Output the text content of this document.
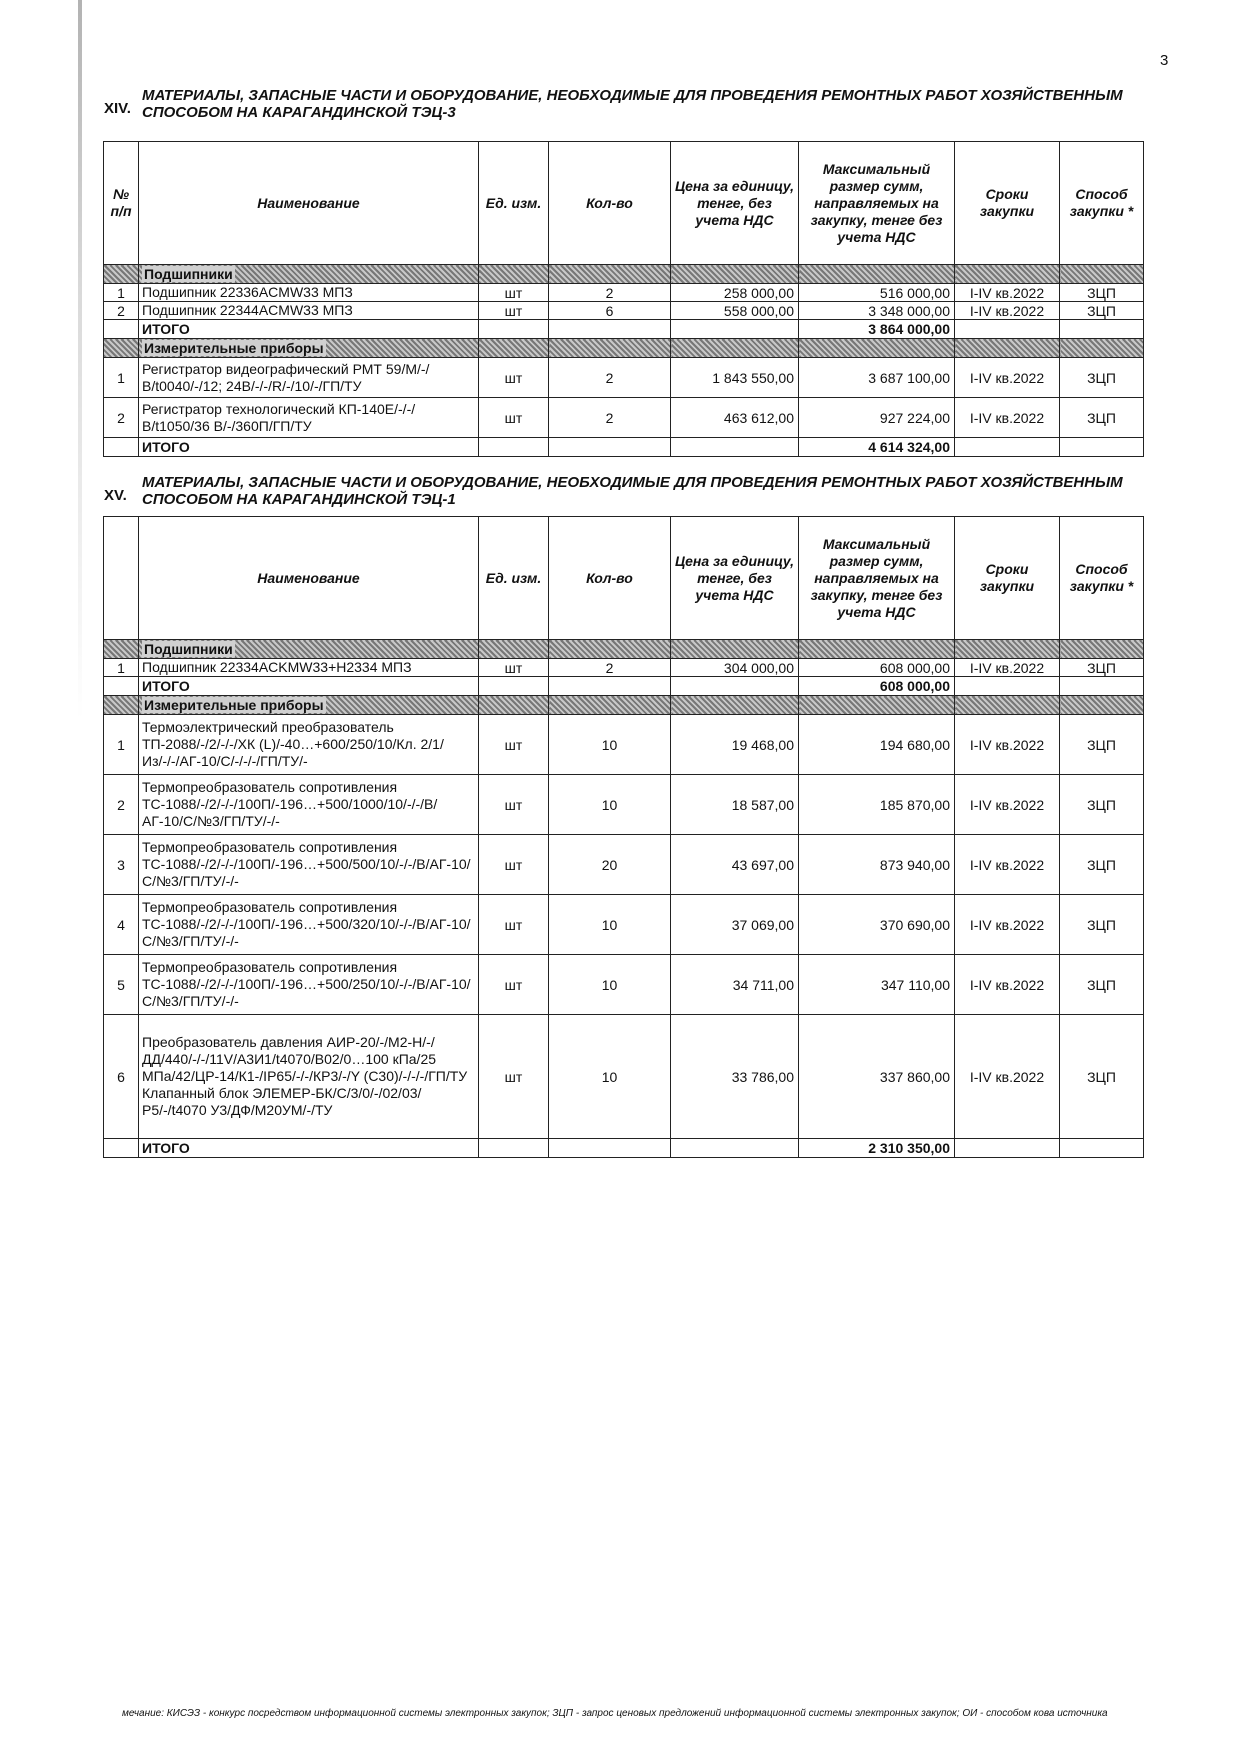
3
XIV.
МАТЕРИАЛЫ, ЗАПАСНЫЕ ЧАСТИ И ОБОРУДОВАНИЕ, НЕОБХОДИМЫЕ ДЛЯ ПРОВЕДЕНИЯ РЕМОНТНЫХ РАБОТ ХОЗЯЙСТВЕННЫМ СПОСОБОМ НА КАРАГАНДИНСКОЙ ТЭЦ-3
№ п/п	Наименование	Ед. изм.	Кол-во	Цена за единицу, тенге, без учета НДС	Максимальный размер сумм, направляемых на закупку, тенге без учета НДС	Сроки закупки	Способ закупки *
	Подшипники						
1	Подшипник 22336ACMW33 МПЗ	шт	2	258 000,00	516 000,00	I-IV кв.2022	ЗЦП
2	Подшипник 22344ACMW33 МПЗ	шт	6	558 000,00	3 348 000,00	I-IV кв.2022	ЗЦП
	ИТОГО				3 864 000,00		
	Измерительные приборы						
1	Регистратор видеографический РМТ 59/М/-/В/t0040/-/12; 24В/-/-/R/-/10/-/ГП/ТУ	шт	2	1 843 550,00	3 687 100,00	I-IV кв.2022	ЗЦП
2	Регистратор технологический КП-140Е/-/-/В/t1050/36 В/-/360П/ГП/ТУ	шт	2	463 612,00	927 224,00	I-IV кв.2022	ЗЦП
	ИТОГО				4 614 324,00		
XV.
МАТЕРИАЛЫ, ЗАПАСНЫЕ ЧАСТИ И ОБОРУДОВАНИЕ, НЕОБХОДИМЫЕ ДЛЯ ПРОВЕДЕНИЯ РЕМОНТНЫХ РАБОТ ХОЗЯЙСТВЕННЫМ СПОСОБОМ НА КАРАГАНДИНСКОЙ ТЭЦ-1
	Наименование	Ед. изм.	Кол-во	Цена за единицу, тенге, без учета НДС	Максимальный размер сумм, направляемых на закупку, тенге без учета НДС	Сроки закупки	Способ закупки *
	Подшипники						
1	Подшипник 22334ACKMW33+H2334 МПЗ	шт	2	304 000,00	608 000,00	I-IV кв.2022	ЗЦП
	ИТОГО				608 000,00		
	Измерительные приборы						
1	Термоэлектрический преобразователь ТП-2088/-/2/-/-/ХК (L)/-40…+600/250/10/Кл. 2/1/Из/-/-/АГ-10/С/-/-/-/ГП/ТУ/-	шт	10	19 468,00	194 680,00	I-IV кв.2022	ЗЦП
2	Термопреобразователь сопротивления ТС-1088/-/2/-/-/100П/-196…+500/1000/10/-/-/В/АГ-10/С/№3/ГП/ТУ/-/-	шт	10	18 587,00	185 870,00	I-IV кв.2022	ЗЦП
3	Термопреобразователь сопротивления ТС-1088/-/2/-/-/100П/-196…+500/500/10/-/-/В/АГ-10/С/№3/ГП/ТУ/-/-	шт	20	43 697,00	873 940,00	I-IV кв.2022	ЗЦП
4	Термопреобразователь сопротивления ТС-1088/-/2/-/-/100П/-196…+500/320/10/-/-/В/АГ-10/С/№3/ГП/ТУ/-/-	шт	10	37 069,00	370 690,00	I-IV кв.2022	ЗЦП
5	Термопреобразователь сопротивления ТС-1088/-/2/-/-/100П/-196…+500/250/10/-/-/В/АГ-10/С/№3/ГП/ТУ/-/-	шт	10	34 711,00	347 110,00	I-IV кв.2022	ЗЦП
6	Преобразователь давления АИР-20/-/М2-Н/-/ДД/440/-/-/11V/А3И1/t4070/В02/0…100 кПа/25 МПа/42/ЦР-14/К1-/IP65/-/-/КР3/-/Y (С30)/-/-/-/ГП/ТУ Клапанный блок ЭЛЕМЕР-БК/С/3/0/-/02/03/Р5/-/t4070 У3/ДФ/М20УМ/-/ТУ	шт	10	33 786,00	337 860,00	I-IV кв.2022	ЗЦП
	ИТОГО				2 310 350,00		
мечание: КИСЭЗ - конкурс посредством информационной системы электронных закупок; ЗЦП - запрос ценовых предложений информационной системы электронных закупок; ОИ - способом кова источника
